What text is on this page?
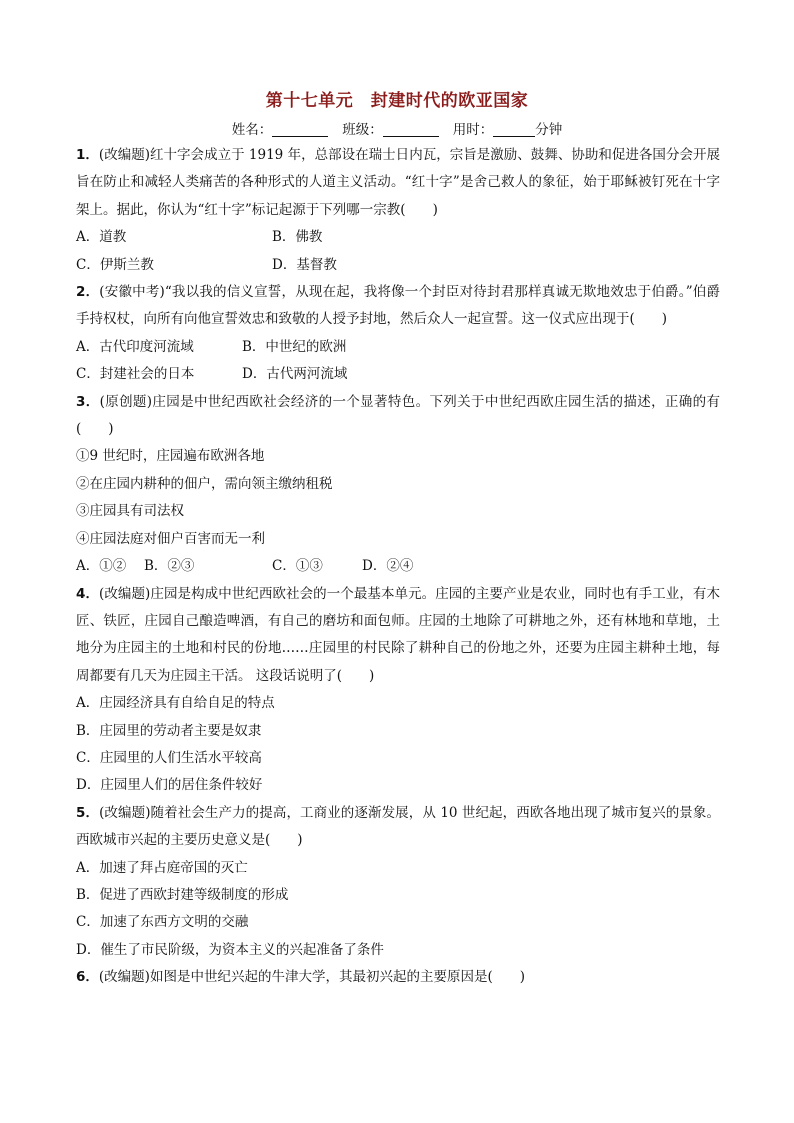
第十七单元　封建时代的欧亚国家
姓名：	班级：	用时：	分钟

1．(改编题)红十字会成立于 1919 年，总部设在瑞士日内瓦，宗旨是激励、鼓舞、协助和促进各国分会开展旨在防止和减轻人类痛苦的各种形式的人道主义活动。“红十字”是舍己救人的象征，始于耶稣被钉死在十字架上。据此，你认为“红十字”标记起源于下列哪一宗教(　　)

A．道教	B．佛教
C．伊斯兰教	D．基督教

2．(安徽中考)“我以我的信义宣誓，从现在起，我将像一个封臣对待封君那样真诚无欺地效忠于伯爵。”伯爵手持权杖，向所有向他宣誓效忠和致敬的人授予封地，然后众人一起宣誓。这一仪式应出现于(　　)

A．古代印度河流域	B．中世纪的欧洲
C．封建社会的日本	D．古代两河流域

3．(原创题)庄园是中世纪西欧社会经济的一个显著特色。下列关于中世纪西欧庄园生活的描述，正确的有(　　)

①9 世纪时，庄园遍布欧洲各地

②在庄园内耕种的佃户，需向领主缴纳租税

③庄园具有司法权

④庄园法庭对佃户百害而无一利

A．①②	B．②③	C．①③	D．②④

4．(改编题)庄园是构成中世纪西欧社会的一个最基本单元。庄园的主要产业是农业，同时也有手工业，有木匠、铁匠，庄园自己酿造啤酒，有自己的磨坊和面包师。庄园的土地除了可耕地之外，还有林地和草地，土地分为庄园主的土地和村民的份地……庄园里的村民除了耕种自己的份地之外，还要为庄园主耕种土地，每周都要有几天为庄园主干活。 这段话说明了(　　)

A．庄园经济具有自给自足的特点

B．庄园里的劳动者主要是奴隶

C．庄园里的人们生活水平较高

D．庄园里人们的居住条件较好

5．(改编题)随着社会生产力的提高，工商业的逐渐发展，从 10 世纪起，西欧各地出现了城市复兴的景象。西欧城市兴起的主要历史意义是(　　)

A．加速了拜占庭帝国的灭亡

B．促进了西欧封建等级制度的形成

C．加速了东西方文明的交融

D．催生了市民阶级，为资本主义的兴起准备了条件

6．(改编题)如图是中世纪兴起的牛津大学，其最初兴起的主要原因是(　　)
